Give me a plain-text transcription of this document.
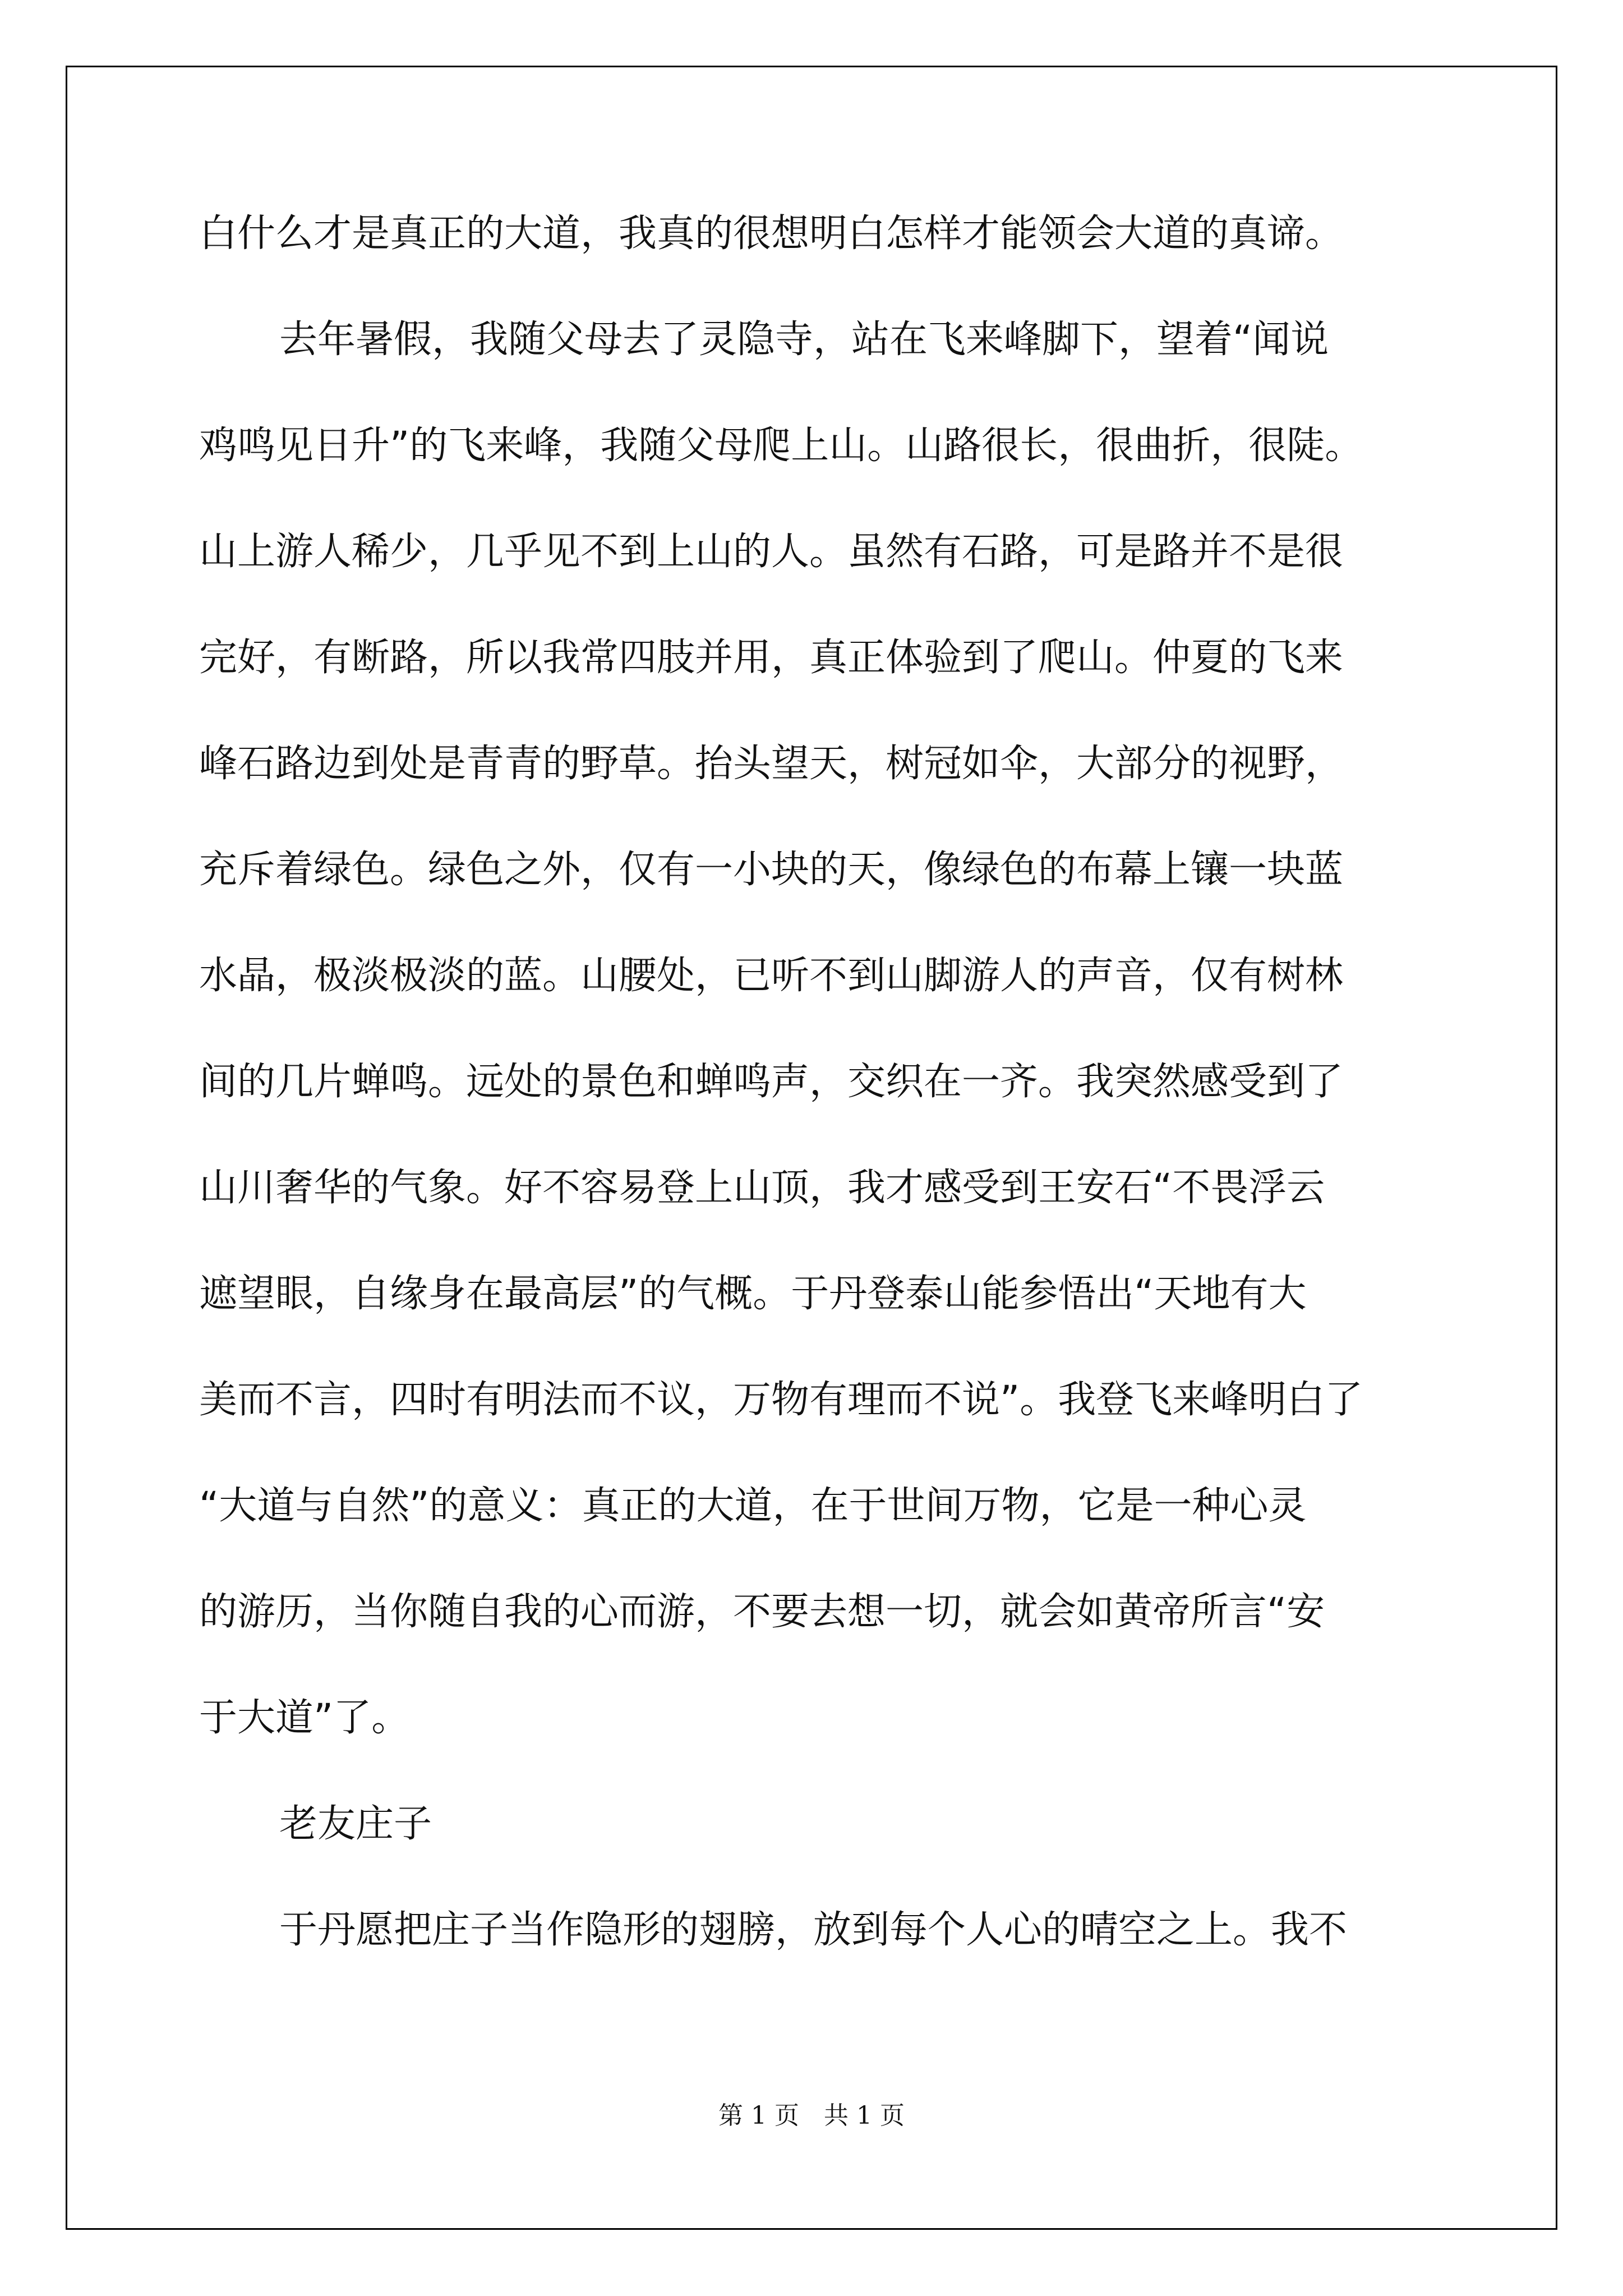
白什么才是真正的大道，我真的很想明白怎样才能领会大道的真谛。
去年暑假，我随父母去了灵隐寺，站在飞来峰脚下，望着“闻说
鸡鸣见日升”的飞来峰，我随父母爬上山。山路很长，很曲折，很陡。
山上游人稀少，几乎见不到上山的人。虽然有石路，可是路并不是很
完好，有断路，所以我常四肢并用，真正体验到了爬山。仲夏的飞来
峰石路边到处是青青的野草。抬头望天，树冠如伞，大部分的视野，
充斥着绿色。绿色之外，仅有一小块的天，像绿色的布幕上镶一块蓝
水晶，极淡极淡的蓝。山腰处，已听不到山脚游人的声音，仅有树林
间的几片蝉鸣。远处的景色和蝉鸣声，交织在一齐。我突然感受到了
山川奢华的气象。好不容易登上山顶，我才感受到王安石“不畏浮云
遮望眼，自缘身在最高层”的气概。于丹登泰山能参悟出“天地有大
美而不言，四时有明法而不议，万物有理而不说”。我登飞来峰明白了
“大道与自然”的意义：真正的大道，在于世间万物，它是一种心灵
的游历，当你随自我的心而游，不要去想一切，就会如黄帝所言“安
于大道”了。
老友庄子
于丹愿把庄子当作隐形的翅膀，放到每个人心的晴空之上。我不
第 1 页　共 1 页
